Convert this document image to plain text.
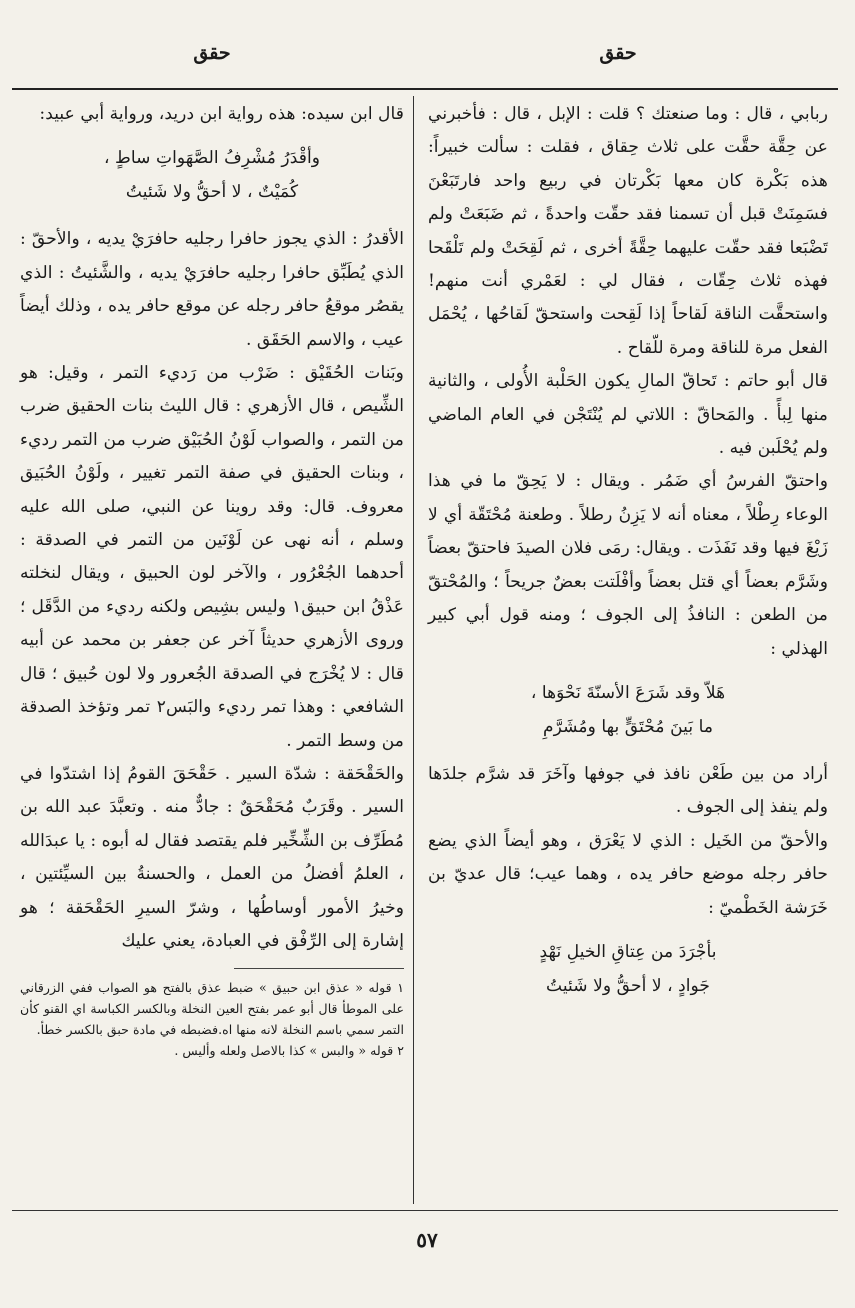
حقق
حقق

ربابي ، قال : وما صنعتك ؟ قلت : الإبل ، قال : فأخبرني عن حِقَّة حقَّت على ثلاث حِقاق ، فقلت : سألت خبيراً: هذه بَكْرة كان معها بَكْرتان في ربيع واحد فارتَبَعْنَ فسَمِنَتْ قبل أن تسمنا فقد حقّت واحدةً ، ثم ضَبَعَتْ ولم تَضْبَعا فقد حقّت عليهما حِقَّةً أخرى ، ثم لَقِحَتْ ولم تَلْقَحا فهذه ثلاث حِقّات ، فقال لي : لعَمْري أنت منهم! واستحقَّت الناقة لَقاحاً إذا لَقِحت واستحقّ لَقاحُها ، يُحْمَل الفعل مرة للناقة ومرة للّقاح .

قال أبو حاتم : تَحاقّ المالِ يكون الحَلْبة الأُولى ، والثانية منها لِبأً . والمَحاقّ : اللاتي لم يُنْتَجْن في العام الماضي ولم يُحْلَبن فيه .

واحتقّ الفرسُ أي ضَمُر . ويقال : لا يَحِقّ ما في هذا الوعاء رِطْلاً ، معناه أنه لا يَزِنُ رطلاً . وطعنة مُحْتَقّة أي لا زَيْغَ فيها وقد نَفَذَت . ويقال: رمَى فلان الصيدَ فاحتقّ بعضاً وشَرَّم بعضاً أي قتل بعضاً وأفْلَتت بعضٌ جريحاً ؛ والمُحْتقّ من الطعن : النافذُ إلى الجوف ؛ ومنه قول أبي كبير الهذلي :

هَلاّ وقد شَرَعَ الأسنّةَ نَحْوَها ،
ما بَينَ مُحْتَقٍّ بها ومُشَرَّمِ

أراد من بين طَعْن نافذ في جوفها وآخَرَ قد شرَّم جلدَها ولم ينفذ إلى الجوف .

والأحقّ من الخَيل : الذي لا يَعْرَق ، وهو أيضاً الذي يضع حافر رجله موضع حافر يده ، وهما عيب؛ قال عديّ بن خَرَشة الخَطْميّ :

بأجْرَدَ من عِتاقِ الخيلِ نَهْدٍ
جَوادٍ ، لا أحقُّ ولا شَئيتُ

قال ابن سيده: هذه رواية ابن دريد، ورواية أبي عبيد:

وأقْدَرُ مُشْرِفُ الصَّهَواتِ ساطٍ ،
كُمَيْتٌ ، لا أحقُّ ولا شَئيتُ

الأقدرُ : الذي يجوز حافرا رجليه حافرَيْ يديه ، والأحقّ : الذي يُطَبِّق حافرا رجليه حافرَيْ يديه ، والشَّئيتُ : الذي يقصُر موقعُ حافر رجله عن موقع حافر يده ، وذلك أيضاً عيب ، والاسم الحَقَق .

وبَنات الحُقَيْق : ضَرْب من رَديء التمر ، وقيل: هو الشِّيص ، قال الأزهري : قال الليث بنات الحقيق ضرب من التمر ، والصواب لَوْنُ الحُبَيْق ضرب من التمر رديء ، وبنات الحقيق في صفة التمر تغيير ، ولَوْنُ الحُبَيق معروف. قال: وقد روينا عن النبي، صلى الله عليه وسلم ، أنه نهى عن لَوْنَين من التمر في الصدقة : أحدهما الجُعْرُور ، والآخر لون الحبيق ، ويقال لنخلته عَذْقُ ابن حبيق١ وليس بشِيص ولكنه رديء من الدَّقَل ؛ وروى الأزهري حديثاً آخر عن جعفر بن محمد عن أبيه قال : لا يُخْرَج في الصدقة الجُعرور ولا لون حُبيق ؛ قال الشافعي : وهذا تمر رديء والبَس٢ تمر وتؤخذ الصدقة من وسط التمر .

والحَقْحَقة : شدّة السير . حَقْحَقَ القومُ إذا اشتدّوا في السير . وقَرَبٌ مُحَقْحَقٌ : جادٌّ منه . وتعبَّدَ عبد الله بن مُطَرِّف بن الشِّخِّير فلم يقتصد فقال له أبوه : يا عبدَالله ، العلمُ أفضلُ من العمل ، والحسنةُ بين السيِّئتين ، وخيرُ الأمور أوساطُها ، وشرّ السيرِ الحَقْحَقة ؛ هو إشارة إلى الرِّفْق في العبادة، يعني عليك

١ قوله « عذق ابن حبيق » ضبط عذق بالفتح هو الصواب ففي الزرقاني على الموطأ قال أبو عمر بفتح العين النخلة وبالكسر الكباسة اي القنو كأن التمر سمي باسم النخلة لانه منها اه.فضبطه في مادة حبق بالكسر خطأ.

٢ قوله « والبس » كذا بالاصل ولعله وأليس .

٥٧
